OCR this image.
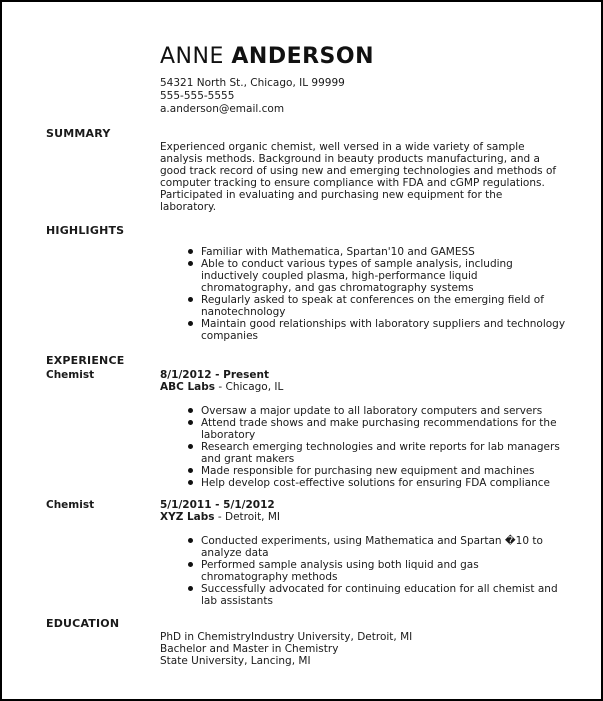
ANNE ANDERSON
54321 North St., Chicago, IL 99999
555-555-5555
a.anderson@email.com
SUMMARY
Experienced organic chemist, well versed in a wide variety of sample analysis methods. Background in beauty products manufacturing, and a good track record of using new and emerging technologies and methods of computer tracking to ensure compliance with FDA and cGMP regulations. Participated in evaluating and purchasing new equipment for the laboratory.
HIGHLIGHTS
Familiar with Mathematica, Spartan'10 and GAMESS
Able to conduct various types of sample analysis, including inductively coupled plasma, high-performance liquid chromatography, and gas chromatography systems
Regularly asked to speak at conferences on the emerging field of nanotechnology
Maintain good relationships with laboratory suppliers and technology companies
EXPERIENCE
Chemist	8/1/2012 - Present
ABC Labs - Chicago, IL
Oversaw a major update to all laboratory computers and servers
Attend trade shows and make purchasing recommendations for the laboratory
Research emerging technologies and write reports for lab managers and grant makers
Made responsible for purchasing new equipment and machines
Help develop cost-effective solutions for ensuring FDA compliance
Chemist	5/1/2011 - 5/1/2012
XYZ Labs - Detroit, MI
Conducted experiments, using Mathematica and Spartan �10 to analyze data
Performed sample analysis using both liquid and gas chromatography methods
Successfully advocated for continuing education for all chemist and lab assistants
EDUCATION
PhD in ChemistryIndustry University, Detroit, MI
Bachelor and Master in Chemistry
State University, Lancing, MI
